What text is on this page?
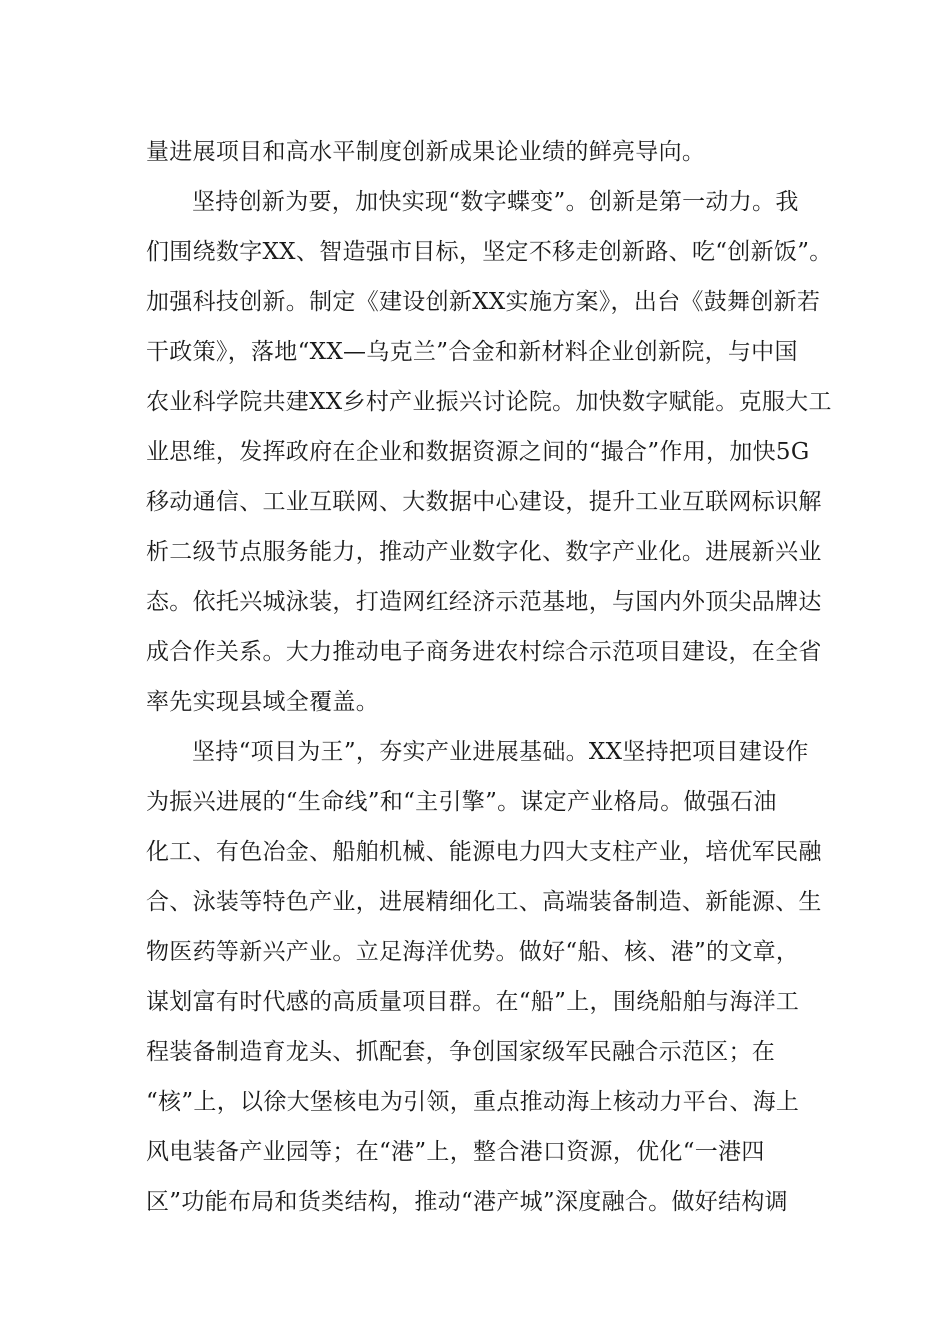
量进展项目和高水平制度创新成果论业绩的鲜亮导向。
坚持创新为要，加快实现“数字蝶变”。创新是第一动力。我
们围绕数字XX、智造强市目标，坚定不移走创新路、吃“创新饭”。
加强科技创新。制定《建设创新XX实施方案》，出台《鼓舞创新若
干政策》，落地“XX—乌克兰”合金和新材料企业创新院，与中国
农业科学院共建XX乡村产业振兴讨论院。加快数字赋能。克服大工
业思维，发挥政府在企业和数据资源之间的“撮合”作用，加快5G
移动通信、工业互联网、大数据中心建设，提升工业互联网标识解
析二级节点服务能力，推动产业数字化、数字产业化。进展新兴业
态。依托兴城泳装，打造网红经济示范基地，与国内外顶尖品牌达
成合作关系。大力推动电子商务进农村综合示范项目建设，在全省
率先实现县域全覆盖。
坚持“项目为王”，夯实产业进展基础。XX坚持把项目建设作
为振兴进展的“生命线”和“主引擎”。谋定产业格局。做强石油
化工、有色冶金、船舶机械、能源电力四大支柱产业，培优军民融
合、泳装等特色产业，进展精细化工、高端装备制造、新能源、生
物医药等新兴产业。立足海洋优势。做好“船、核、港”的文章，
谋划富有时代感的高质量项目群。在“船”上，围绕船舶与海洋工
程装备制造育龙头、抓配套，争创国家级军民融合示范区；在
“核”上，以徐大堡核电为引领，重点推动海上核动力平台、海上
风电装备产业园等；在“港”上，整合港口资源，优化“一港四
区”功能布局和货类结构，推动“港产城”深度融合。做好结构调
